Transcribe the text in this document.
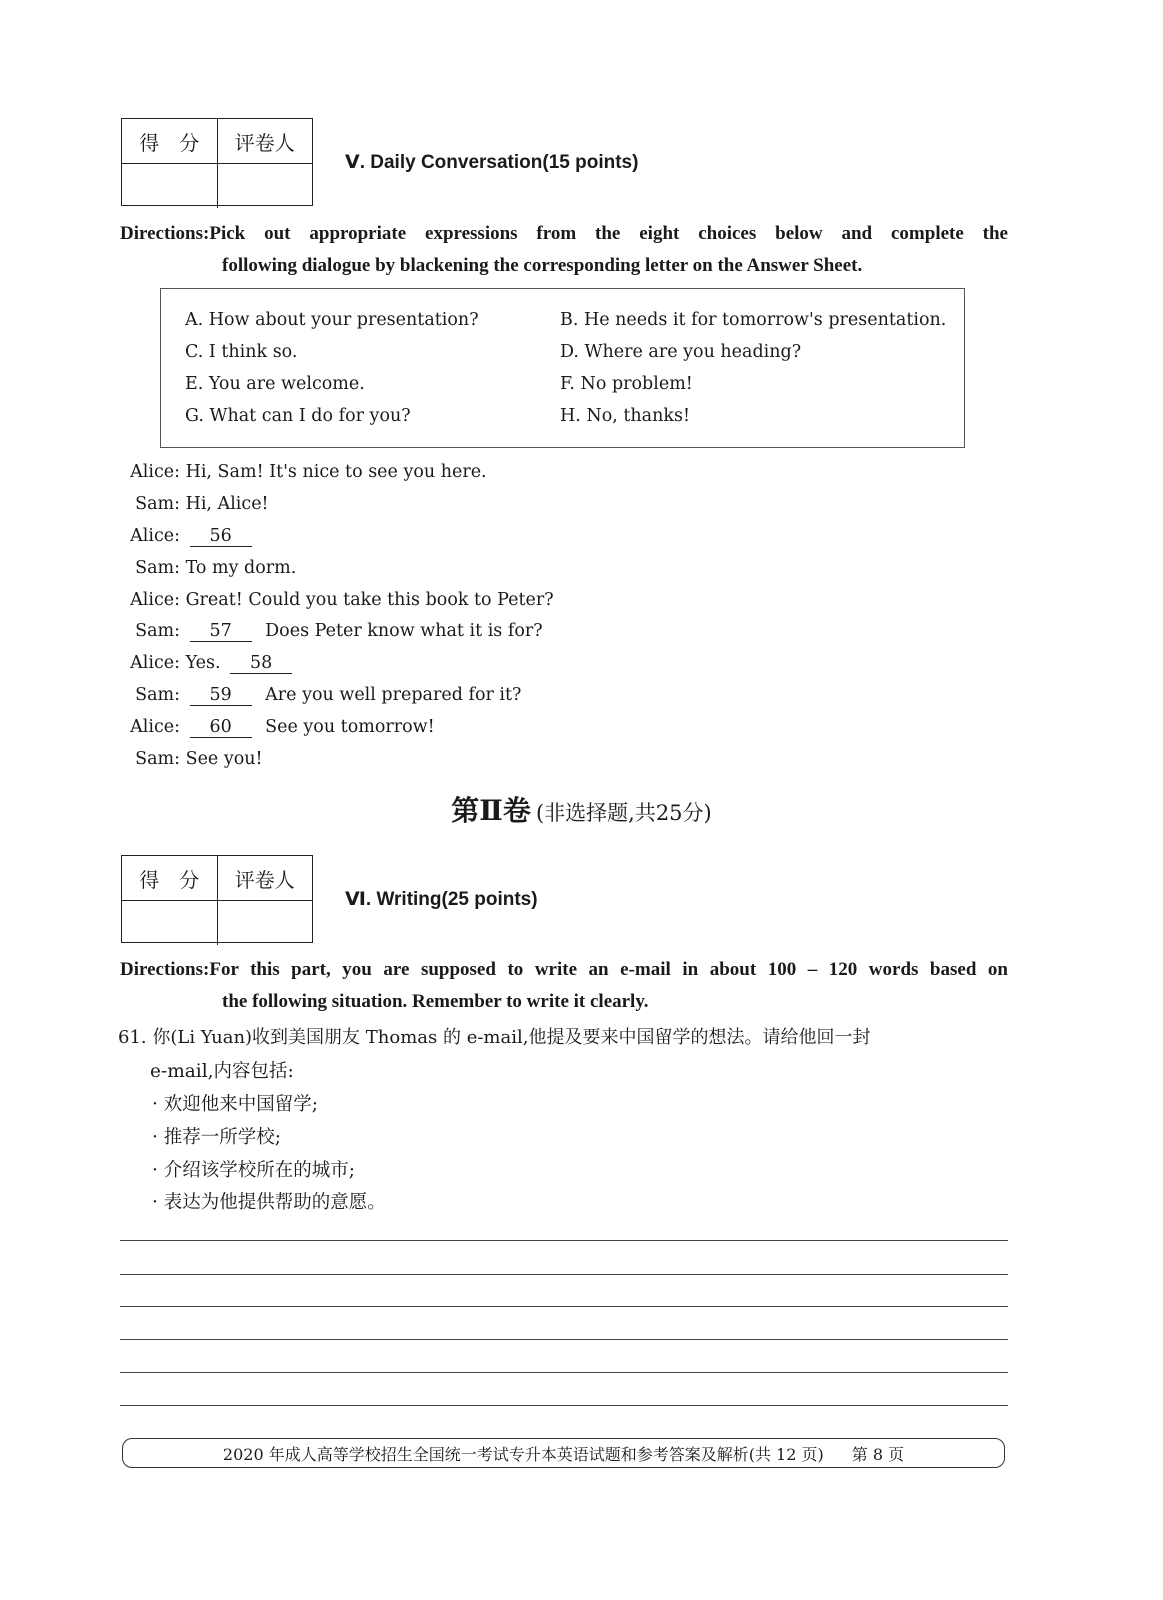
得　分	评卷人
Ⅴ. Daily Conversation(15 points)
Directions: Pick out appropriate expressions from the eight choices below and complete the
following dialogue by blackening the corresponding letter on the Answer Sheet.
A. How about your presentation?	B. He needs it for tomorrow's presentation.
C. I think so.	D. Where are you heading?
E. You are welcome.	F. No problem!
G. What can I do for you?	H. No, thanks!
Alice: Hi, Sam! It's nice to see you here.
Sam: Hi, Alice!
Alice: 56
Sam: To my dorm.
Alice: Great! Could you take this book to Peter?
Sam: 57 Does Peter know what it is for?
Alice: Yes. 58
Sam: 59 Are you well prepared for it?
Alice: 60 See you tomorrow!
Sam: See you!
第Ⅱ卷 (非选择题,共25分)
得　分	评卷人
Ⅵ. Writing(25 points)
Directions: For this part, you are supposed to write an e-mail in about 100 – 120 words based on
the following situation. Remember to write it clearly.
61. 你(Li Yuan)收到美国朋友 Thomas 的 e-mail,他提及要来中国留学的想法。请给他回一封
e-mail,内容包括:
· 欢迎他来中国留学;
· 推荐一所学校;
· 介绍该学校所在的城市;
· 表达为他提供帮助的意愿。
2020 年成人高等学校招生全国统一考试专升本英语试题和参考答案及解析(共 12 页) 第 8 页
